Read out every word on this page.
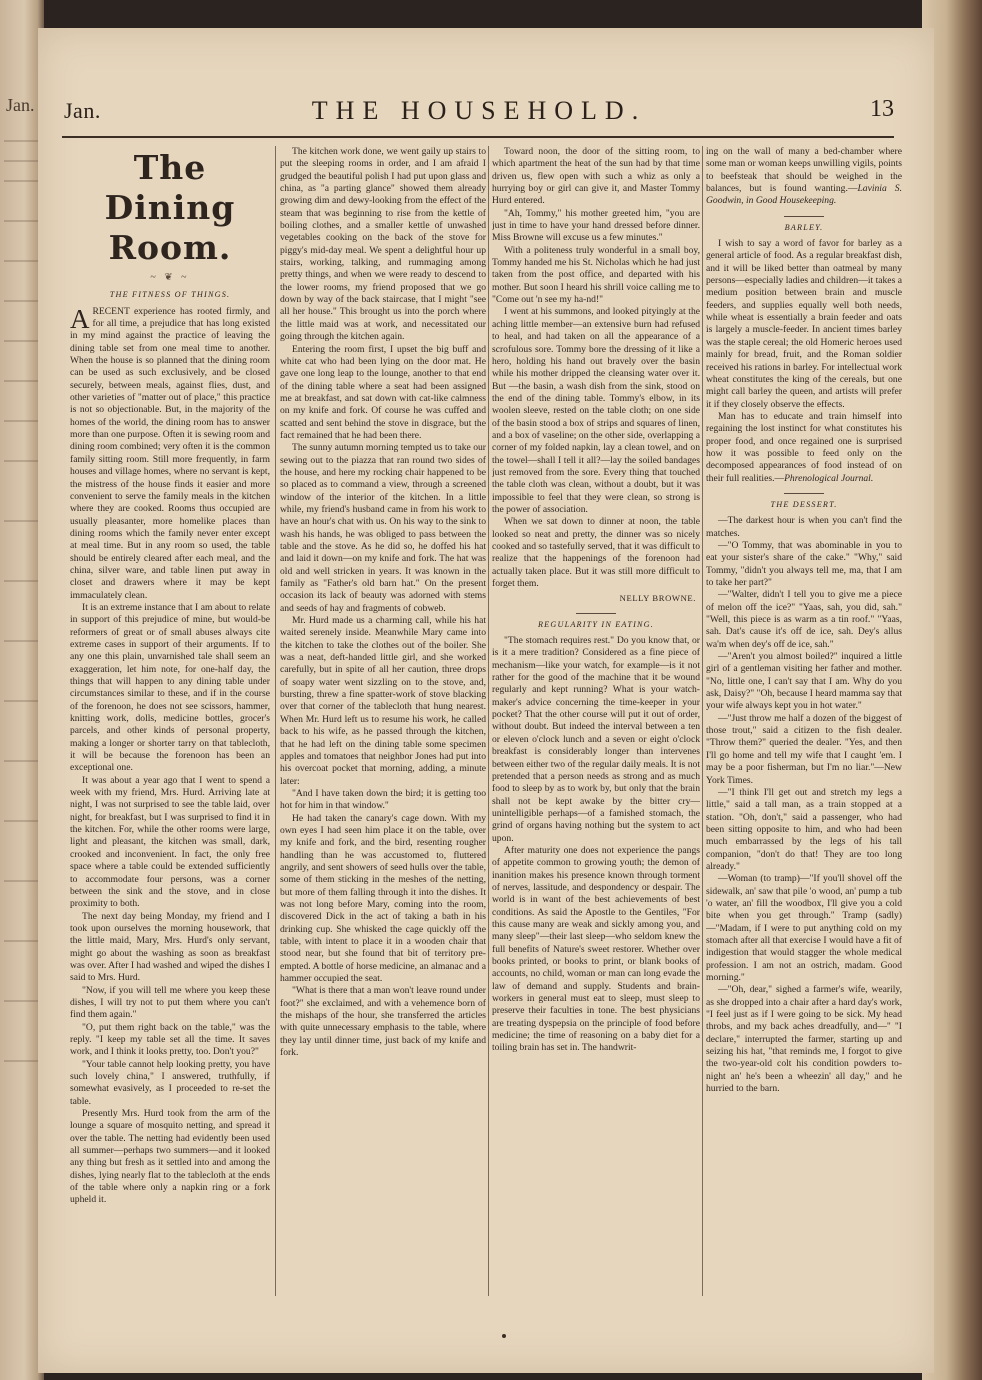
Jan. Jan.	THE HOUSEHOLD.	13
The Dining Room.
~ ❦ ~
THE FITNESS OF THINGS.

ARECENT experience has rooted firmly, and for all time, a prejudice that has long existed in my mind against the practice of leaving the dining table set from one meal time to another. When the house is so planned that the dining room can be used as such exclusively, and be closed securely, between meals, against flies, dust, and other varieties of "matter out of place," this practice is not so objectionable. But, in the majority of the homes of the world, the dining room has to answer more than one purpose. Often it is sewing room and dining room combined; very often it is the common family sitting room. Still more frequently, in farm houses and village homes, where no servant is kept, the mistress of the house finds it easier and more convenient to serve the family meals in the kitchen where they are cooked. Rooms thus occupied are usually pleasanter, more homelike places than dining rooms which the family never enter except at meal time. But in any room so used, the table should be entirely cleared after each meal, and the china, silver ware, and table linen put away in closet and drawers where it may be kept immaculately clean.

It is an extreme instance that I am about to relate in support of this prejudice of mine, but would-be reformers of great or of small abuses always cite extreme cases in support of their arguments. If to any one this plain, unvarnished tale shall seem an exaggeration, let him note, for one-half day, the things that will happen to any dining table under circumstances similar to these, and if in the course of the forenoon, he does not see scissors, hammer, knitting work, dolls, medicine bottles, grocer's parcels, and other kinds of personal property, making a longer or shorter tarry on that tablecloth, it will be because the forenoon has been an exceptional one.

It was about a year ago that I went to spend a week with my friend, Mrs. Hurd. Arriving late at night, I was not surprised to see the table laid, over night, for breakfast, but I was surprised to find it in the kitchen. For, while the other rooms were large, light and pleasant, the kitchen was small, dark, crooked and inconvenient. In fact, the only free space where a table could be extended sufficiently to accommodate four persons, was a corner between the sink and the stove, and in close proximity to both.

The next day being Monday, my friend and I took upon ourselves the morning housework, that the little maid, Mary, Mrs. Hurd's only servant, might go about the washing as soon as breakfast was over. After I had washed and wiped the dishes I said to Mrs. Hurd.

"Now, if you will tell me where you keep these dishes, I will try not to put them where you can't find them again."

"O, put them right back on the table," was the reply. "I keep my table set all the time. It saves work, and I think it looks pretty, too. Don't you?"

"Your table cannot help looking pretty, you have such lovely china," I answered, truthfully, if somewhat evasively, as I proceeded to re-set the table.

Presently Mrs. Hurd took from the arm of the lounge a square of mosquito netting, and spread it over the table. The netting had evidently been used all summer—perhaps two summers—and it looked any thing but fresh as it settled into and among the dishes, lying nearly flat to the tablecloth at the ends of the table where only a napkin ring or a fork upheld it.

The kitchen work done, we went gaily up stairs to put the sleeping rooms in order, and I am afraid I grudged the beautiful polish I had put upon glass and china, as "a parting glance" showed them already growing dim and dewy-looking from the effect of the steam that was beginning to rise from the kettle of boiling clothes, and a smaller kettle of unwashed vegetables cooking on the back of the stove for piggy's mid-day meal. We spent a delightful hour up stairs, working, talking, and rummaging among pretty things, and when we were ready to descend to the lower rooms, my friend proposed that we go down by way of the back staircase, that I might "see all her house." This brought us into the porch where the little maid was at work, and necessitated our going through the kitchen again.

Entering the room first, I upset the big buff and white cat who had been lying on the door mat. He gave one long leap to the lounge, another to that end of the dining table where a seat had been assigned me at breakfast, and sat down with cat-like calmness on my knife and fork. Of course he was cuffed and scatted and sent behind the stove in disgrace, but the fact remained that he had been there.

The sunny autumn morning tempted us to take our sewing out to the piazza that ran round two sides of the house, and here my rocking chair happened to be so placed as to command a view, through a screened window of the interior of the kitchen. In a little while, my friend's husband came in from his work to have an hour's chat with us. On his way to the sink to wash his hands, he was obliged to pass between the table and the stove. As he did so, he doffed his hat and laid it down—on my knife and fork. The hat was old and well stricken in years. It was known in the family as "Father's old barn hat." On the present occasion its lack of beauty was adorned with stems and seeds of hay and fragments of cobweb.

Mr. Hurd made us a charming call, while his hat waited serenely inside. Meanwhile Mary came into the kitchen to take the clothes out of the boiler. She was a neat, deft-handed little girl, and she worked carefully, but in spite of all her caution, three drops of soapy water went sizzling on to the stove, and, bursting, threw a fine spatter-work of stove blacking over that corner of the tablecloth that hung nearest. When Mr. Hurd left us to resume his work, he called back to his wife, as he passed through the kitchen, that he had left on the dining table some specimen apples and tomatoes that neighbor Jones had put into his overcoat pocket that morning, adding, a minute later:

"And I have taken down the bird; it is getting too hot for him in that window."

He had taken the canary's cage down. With my own eyes I had seen him place it on the table, over my knife and fork, and the bird, resenting rougher handling than he was accustomed to, fluttered angrily, and sent showers of seed hulls over the table, some of them sticking in the meshes of the netting, but more of them falling through it into the dishes. It was not long before Mary, coming into the room, discovered Dick in the act of taking a bath in his drinking cup. She whisked the cage quickly off the table, with intent to place it in a wooden chair that stood near, but she found that bit of territory pre-empted. A bottle of horse medicine, an almanac and a hammer occupied the seat.

"What is there that a man won't leave round under foot?" she exclaimed, and with a vehemence born of the mishaps of the hour, she transferred the articles with quite unnecessary emphasis to the table, where they lay until dinner time, just back of my knife and fork.

Toward noon, the door of the sitting room, to which apartment the heat of the sun had by that time driven us, flew open with such a whiz as only a hurrying boy or girl can give it, and Master Tommy Hurd entered.

"Ah, Tommy," his mother greeted him, "you are just in time to have your hand dressed before dinner. Miss Browne will excuse us a few minutes."

With a politeness truly wonderful in a small boy, Tommy handed me his St. Nicholas which he had just taken from the post office, and departed with his mother. But soon I heard his shrill voice calling me to "Come out 'n see my ha-nd!"

I went at his summons, and looked pityingly at the aching little member—an extensive burn had refused to heal, and had taken on all the appearance of a scrofulous sore. Tommy bore the dressing of it like a hero, holding his hand out bravely over the basin while his mother dripped the cleansing water over it. But —the basin, a wash dish from the sink, stood on the end of the dining table. Tommy's elbow, in its woolen sleeve, rested on the table cloth; on one side of the basin stood a box of strips and squares of linen, and a box of vaseline; on the other side, overlapping a corner of my folded napkin, lay a clean towel, and on the towel—shall I tell it all?—lay the soiled bandages just removed from the sore. Every thing that touched the table cloth was clean, without a doubt, but it was impossible to feel that they were clean, so strong is the power of association.

When we sat down to dinner at noon, the table looked so neat and pretty, the dinner was so nicely cooked and so tastefully served, that it was difficult to realize that the happenings of the forenoon had actually taken place. But it was still more difficult to forget them.

NELLY BROWNE.
REGULARITY IN EATING.

"The stomach requires rest." Do you know that, or is it a mere tradition? Considered as a fine piece of mechanism—like your watch, for example—is it not rather for the good of the machine that it be wound regularly and kept running? What is your watch-maker's advice concerning the time-keeper in your pocket? That the other course will put it out of order, without doubt. But indeed the interval between a ten or eleven o'clock lunch and a seven or eight o'clock breakfast is considerably longer than intervenes between either two of the regular daily meals. It is not pretended that a person needs as strong and as much food to sleep by as to work by, but only that the brain shall not be kept awake by the bitter cry—unintelligible perhaps—of a famished stomach, the grind of organs having nothing but the system to act upon.

After maturity one does not experience the pangs of appetite common to growing youth; the demon of inanition makes his presence known through torment of nerves, lassitude, and despondency or despair. The world is in want of the best achievements of best conditions. As said the Apostle to the Gentiles, "For this cause many are weak and sickly among you, and many sleep"—their last sleep—who seldom knew the full benefits of Nature's sweet restorer. Whether over books printed, or books to print, or blank books of accounts, no child, woman or man can long evade the law of demand and supply. Students and brain-workers in general must eat to sleep, must sleep to preserve their faculties in tone. The best physicians are treating dyspepsia on the principle of food before medicine; the time of reasoning on a baby diet for a toiling brain has set in. The handwrit-

ing on the wall of many a bed-chamber where some man or woman keeps unwilling vigils, points to beefsteak that should be weighed in the balances, but is found wanting.—Lavinia S. Goodwin, in Good Housekeeping.

BARLEY.

I wish to say a word of favor for barley as a general article of food. As a regular breakfast dish, and it will be liked better than oatmeal by many persons—especially ladies and children—it takes a medium position between brain and muscle feeders, and supplies equally well both needs, while wheat is essentially a brain feeder and oats is largely a muscle-feeder. In ancient times barley was the staple cereal; the old Homeric heroes used mainly for bread, fruit, and the Roman soldier received his rations in barley. For intellectual work wheat constitutes the king of the cereals, but one might call barley the queen, and artists will prefer it if they closely observe the effects.

Man has to educate and train himself into regaining the lost instinct for what constitutes his proper food, and once regained one is surprised how it was possible to feed only on the decomposed appearances of food instead of on their full realities.—Phrenological Journal.

THE DESSERT.

—The darkest hour is when you can't find the matches.

—"O Tommy, that was abominable in you to eat your sister's share of the cake." "Why," said Tommy, "didn't you always tell me, ma, that I am to take her part?"

—"Walter, didn't I tell you to give me a piece of melon off the ice?" "Yaas, sah, you did, sah." "Well, this piece is as warm as a tin roof." "Yaas, sah. Dat's cause it's off de ice, sah. Dey's allus wa'm when dey's off de ice, sah."

—"Aren't you almost boiled?" inquired a little girl of a gentleman visiting her father and mother. "No, little one, I can't say that I am. Why do you ask, Daisy?" "Oh, because I heard mamma say that your wife always kept you in hot water."

—"Just throw me half a dozen of the biggest of those trout," said a citizen to the fish dealer. "Throw them?" queried the dealer. "Yes, and then I'll go home and tell my wife that I caught 'em. I may be a poor fisherman, but I'm no liar."—New York Times.

—"I think I'll get out and stretch my legs a little," said a tall man, as a train stopped at a station. "Oh, don't," said a passenger, who had been sitting opposite to him, and who had been much embarrassed by the legs of his tall companion, "don't do that! They are too long already."

—Woman (to tramp)—"If you'll shovel off the sidewalk, an' saw that pile 'o wood, an' pump a tub 'o water, an' fill the woodbox, I'll give you a cold bite when you get through." Tramp (sadly)—"Madam, if I were to put anything cold on my stomach after all that exercise I would have a fit of indigestion that would stagger the whole medical profession. I am not an ostrich, madam. Good morning."

—"Oh, dear," sighed a farmer's wife, wearily, as she dropped into a chair after a hard day's work, "I feel just as if I were going to be sick. My head throbs, and my back aches dreadfully, and—" "I declare," interrupted the farmer, starting up and seizing his hat, "that reminds me, I forgot to give the two-year-old colt his condition powders to-night an' he's been a wheezin' all day," and he hurried to the barn.
